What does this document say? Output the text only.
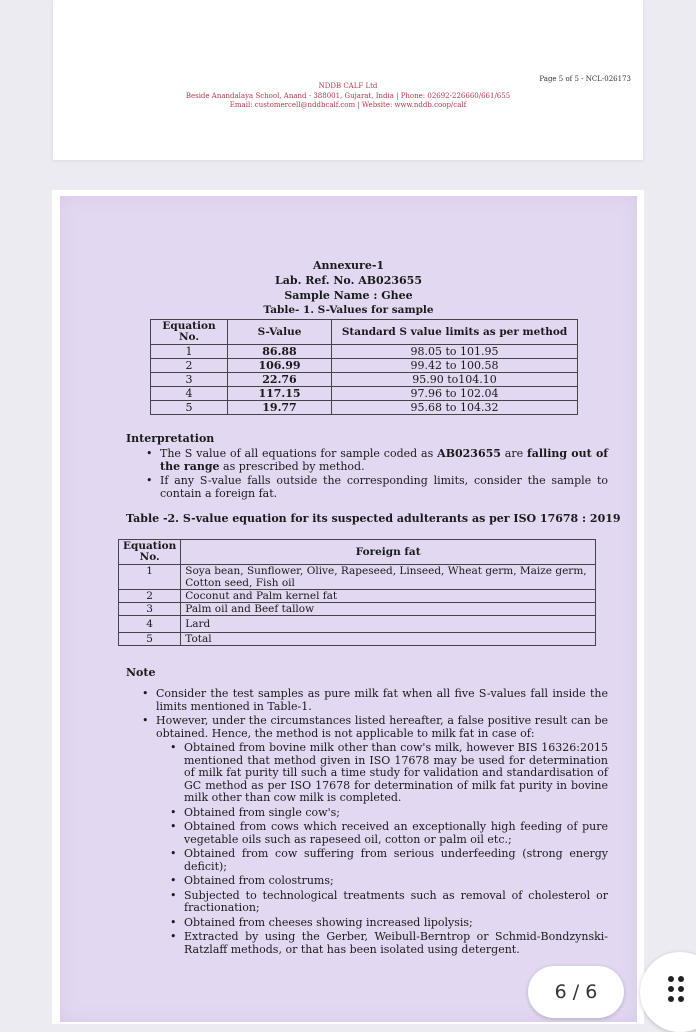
Page 5 of 5 - NCL-026173
NDDB CALF Ltd
Beside Anandalaya School, Anand - 388001, Gujarat, India | Phone: 02692-226660/661/655
Email: customercell@nddbcalf.com | Website: www.nddb.coop/calf
Annexure-1
Lab. Ref. No. AB023655
Sample Name : Ghee
Table- 1. S-Values for sample
Equation No.	S-Value	Standard S value limits as per method
1	86.88	98.05 to 101.95
2	106.99	99.42 to 100.58
3	22.76	95.90 to104.10
4	117.15	97.96 to 102.04
5	19.77	95.68 to 104.32
Interpretation
• The S value of all equations for sample coded as AB023655 are falling out of the range as prescribed by method.
• If any S-value falls outside the corresponding limits, consider the sample to contain a foreign fat.
Table -2. S-value equation for its suspected adulterants as per ISO 17678 : 2019
Equation No.	Foreign fat
1	Soya bean, Sunflower, Olive, Rapeseed, Linseed, Wheat germ, Maize germ, Cotton seed, Fish oil
2	Coconut and Palm kernel fat
3	Palm oil and Beef tallow
4	Lard
5	Total
Note
• Consider the test samples as pure milk fat when all five S-values fall inside the limits mentioned in Table-1.
• However, under the circumstances listed hereafter, a false positive result can be obtained. Hence, the method is not applicable to milk fat in case of:
• Obtained from bovine milk other than cow's milk, however BIS 16326:2015 mentioned that method given in ISO 17678 may be used for determination of milk fat purity till such a time study for validation and standardisation of GC method as per ISO 17678 for determination of milk fat purity in bovine milk other than cow milk is completed.
• Obtained from single cow's;
• Obtained from cows which received an exceptionally high feeding of pure vegetable oils such as rapeseed oil, cotton or palm oil etc.;
• Obtained from cow suffering from serious underfeeding (strong energy deficit);
• Obtained from colostrums;
• Subjected to technological treatments such as removal of cholesterol or fractionation;
• Obtained from cheeses showing increased lipolysis;
• Extracted by using the Gerber, Weibull-Berntrop or Schmid-Bondzynski-Ratzlaff methods, or that has been isolated using detergent.
6 / 6
